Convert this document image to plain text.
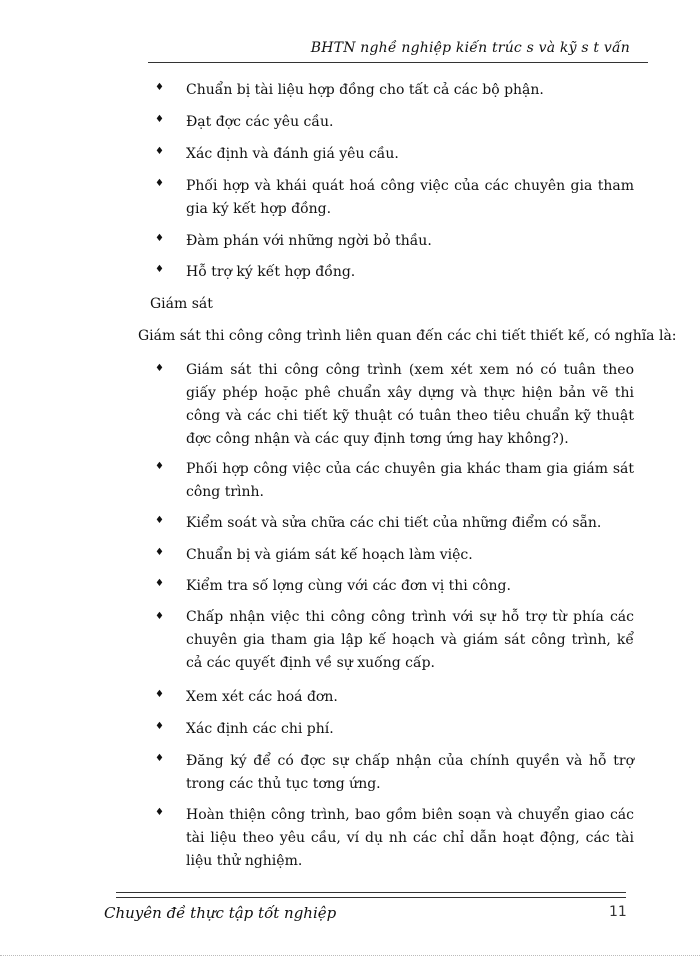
BHTN nghề nghiệp kiến trúc s và kỹ s t vấn
♦ Chuẩn bị tài liệu hợp đồng cho tất cả các bộ phận.
♦ Đạt đợc các yêu cầu.
♦ Xác định và đánh giá yêu cầu.
♦ Phối hợp và khái quát hoá công việc của các chuyên gia tham gia ký kết hợp đồng.
♦ Đàm phán với những ngời bỏ thầu.
♦ Hỗ trợ ký kết hợp đồng.
Giám sát
Giám sát thi công công trình liên quan đến các chi tiết thiết kế, có nghĩa là:
♦ Giám sát thi công công trình (xem xét xem nó có tuân theo giấy phép hoặc phê chuẩn xây dựng và thực hiện bản vẽ thi công và các chi tiết kỹ thuật có tuân theo tiêu chuẩn kỹ thuật đợc công nhận và các quy định tơng ứng hay không?).
♦ Phối hợp công việc của các chuyên gia khác tham gia giám sát công trình.
♦ Kiểm soát và sửa chữa các chi tiết của những điểm có sẵn.
♦ Chuẩn bị và giám sát kế hoạch làm việc.
♦ Kiểm tra số lợng cùng với các đơn vị thi công.
♦ Chấp nhận việc thi công công trình với sự hỗ trợ từ phía các chuyên gia tham gia lập kế hoạch và giám sát công trình, kể cả các quyết định về sự xuống cấp.
♦ Xem xét các hoá đơn.
♦ Xác định các chi phí.
♦ Đăng ký để có đợc sự chấp nhận của chính quyền và hỗ trợ trong các thủ tục tơng ứng.
♦ Hoàn thiện công trình, bao gồm biên soạn và chuyển giao các tài liệu theo yêu cầu, ví dụ nh các chỉ dẫn hoạt động, các tài liệu thử nghiệm.
Chuyên đề thực tập tốt nghiệp	11
